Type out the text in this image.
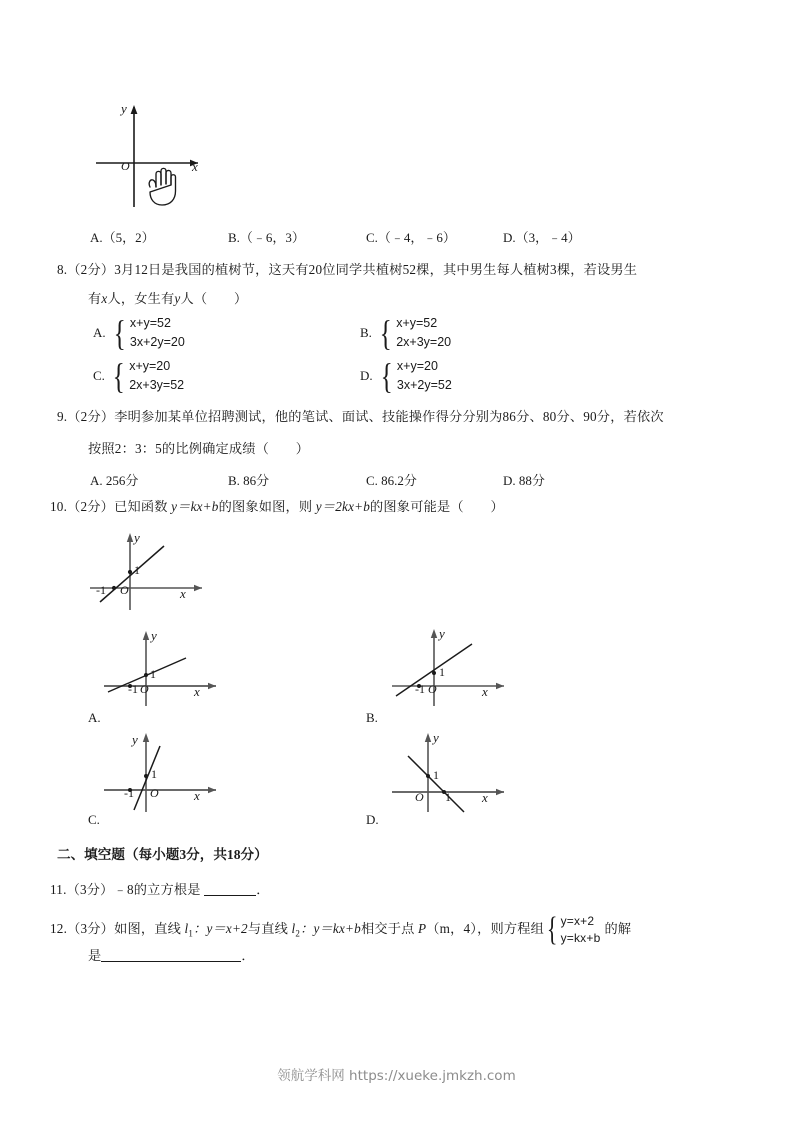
y
x
O
A.（5，2）	B.（﹣6，3）	C.（﹣4，﹣6）	D.（3，﹣4）
8.（2分）3月12日是我国的植树节，这天有20位同学共植树52棵，其中男生每人植树3棵，若设男生
有x人，女生有y人（　　）
A. { x+y=52
3x+2y=20
B. { x+y=52
2x+3y=20
C. { x+y=20
2x+3y=52
D. { x+y=20
3x+2y=52
9.（2分）李明参加某单位招聘测试，他的笔试、面试、技能操作得分分别为86分、80分、90分，若依次
按照2：3：5的比例确定成绩（　　）
A. 256分	B. 86分	C. 86.2分	D. 88分
10.（2分）已知函数 y＝kx+b的图象如图，则 y＝2kx+b的图象可能是（　　）
y
x
O
-1
1
y
x
O
-1
1
A.
y
x
O
-1
1
B.
y
x
O
-1
1
C.
y
x
O 1
1
D.
二、填空题（每小题3分，共18分）
11.（3分）﹣8的立方根是	．
12.（3分）如图，直线 $l_1$：y＝x+2与直线 $l_2$：y＝kx+b相交于点 P（m，4），则方程组 { y=x+2
y=kx+b
的解
是	．
领航学科网 https://xueke.jmkzh.com
